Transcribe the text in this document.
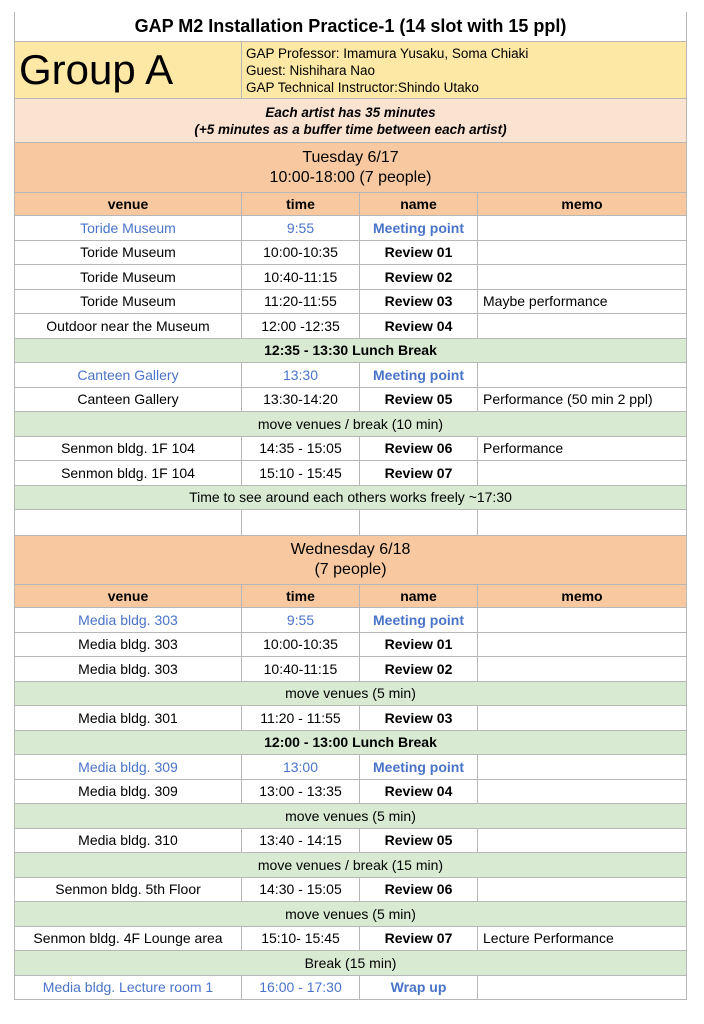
GAP M2 Installation Practice-1 (14 slot with 15 ppl)
Group A	GAP Professor: Imamura Yusaku, Soma Chiaki
Guest: Nishihara Nao
GAP Technical Instructor:Shindo Utako
Each artist has 35 minutes
(+5 minutes as a buffer time between each artist)
Tuesday 6/17
10:00-18:00 (7 people)
venue	time	name	memo
Toride Museum	9:55	Meeting point
Toride Museum	10:00-10:35	Review 01
Toride Museum	10:40-11:15	Review 02
Toride Museum	11:20-11:55	Review 03	Maybe performance
Outdoor near the Museum	12:00 -12:35	Review 04
12:35 - 13:30 Lunch Break
Canteen Gallery	13:30	Meeting point
Canteen Gallery	13:30-14:20	Review 05	Performance (50 min 2 ppl)
move venues / break (10 min)
Senmon bldg. 1F 104	14:35 - 15:05	Review 06	Performance
Senmon bldg. 1F 104	15:10 - 15:45	Review 07
Time to see around each others works freely ~17:30
Wednesday 6/18
(7 people)
venue	time	name	memo
Media bldg. 303	9:55	Meeting point
Media bldg. 303	10:00-10:35	Review 01
Media bldg. 303	10:40-11:15	Review 02
move venues (5 min)
Media bldg. 301	11:20 - 11:55	Review 03
12:00 - 13:00 Lunch Break
Media bldg. 309	13:00	Meeting point
Media bldg. 309	13:00 - 13:35	Review 04
move venues (5 min)
Media bldg. 310	13:40 - 14:15	Review 05
move venues / break (15 min)
Senmon bldg. 5th Floor	14:30 - 15:05	Review 06
move venues (5 min)
Senmon bldg. 4F Lounge area	15:10- 15:45	Review 07	Lecture Performance
Break (15 min)
Media bldg. Lecture room 1	16:00 - 17:30	Wrap up
